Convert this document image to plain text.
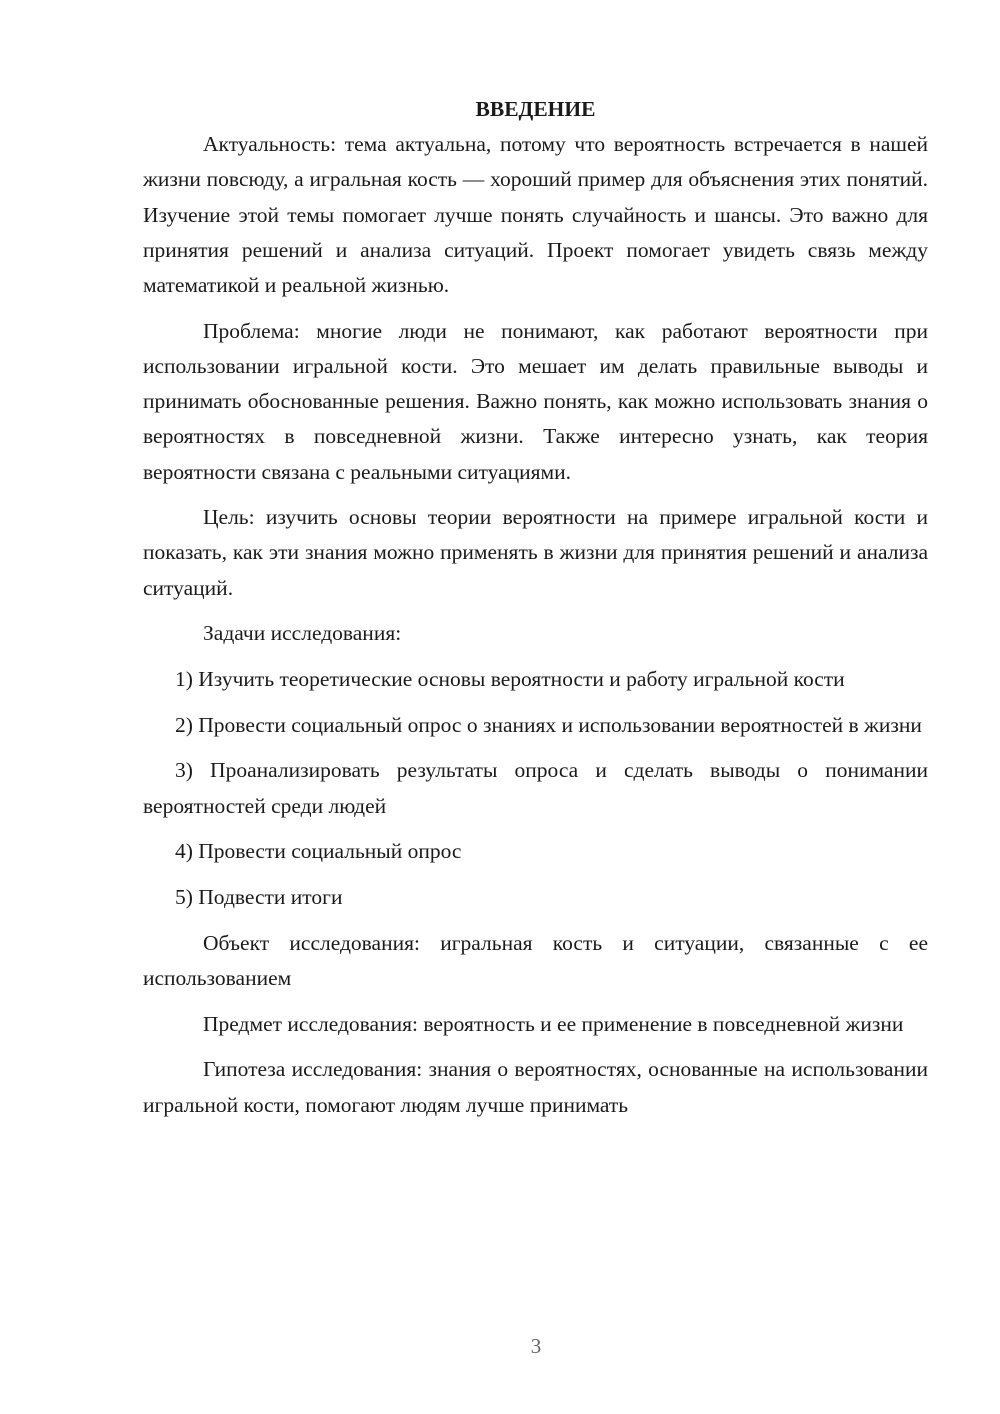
ВВЕДЕНИЕ

Актуальность: тема актуальна, потому что вероятность встречается в нашей жизни повсюду, а игральная кость — хороший пример для объяснения этих понятий. Изучение этой темы помогает лучше понять случайность и шансы. Это важно для принятия решений и анализа ситуаций. Проект помогает увидеть связь между математикой и реальной жизнью.

Проблема: многие люди не понимают, как работают вероятности при использовании игральной кости. Это мешает им делать правильные выводы и принимать обоснованные решения. Важно понять, как можно использовать знания о вероятностях в повседневной жизни. Также интересно узнать, как теория вероятности связана с реальными ситуациями.

Цель: изучить основы теории вероятности на примере игральной кости и показать, как эти знания можно применять в жизни для принятия решений и анализа ситуаций.

Задачи исследования:

1) Изучить теоретические основы вероятности и работу игральной кости

2) Провести социальный опрос о знаниях и использовании вероятностей в жизни

3) Проанализировать результаты опроса и сделать выводы о понимании вероятностей среди людей

4) Провести социальный опрос

5) Подвести итоги

Объект исследования: игральная кость и ситуации, связанные с ее использованием

Предмет исследования: вероятность и ее применение в повседневной жизни

Гипотеза исследования: знания о вероятностях, основанные на использовании игральной кости, помогают людям лучше принимать

3
